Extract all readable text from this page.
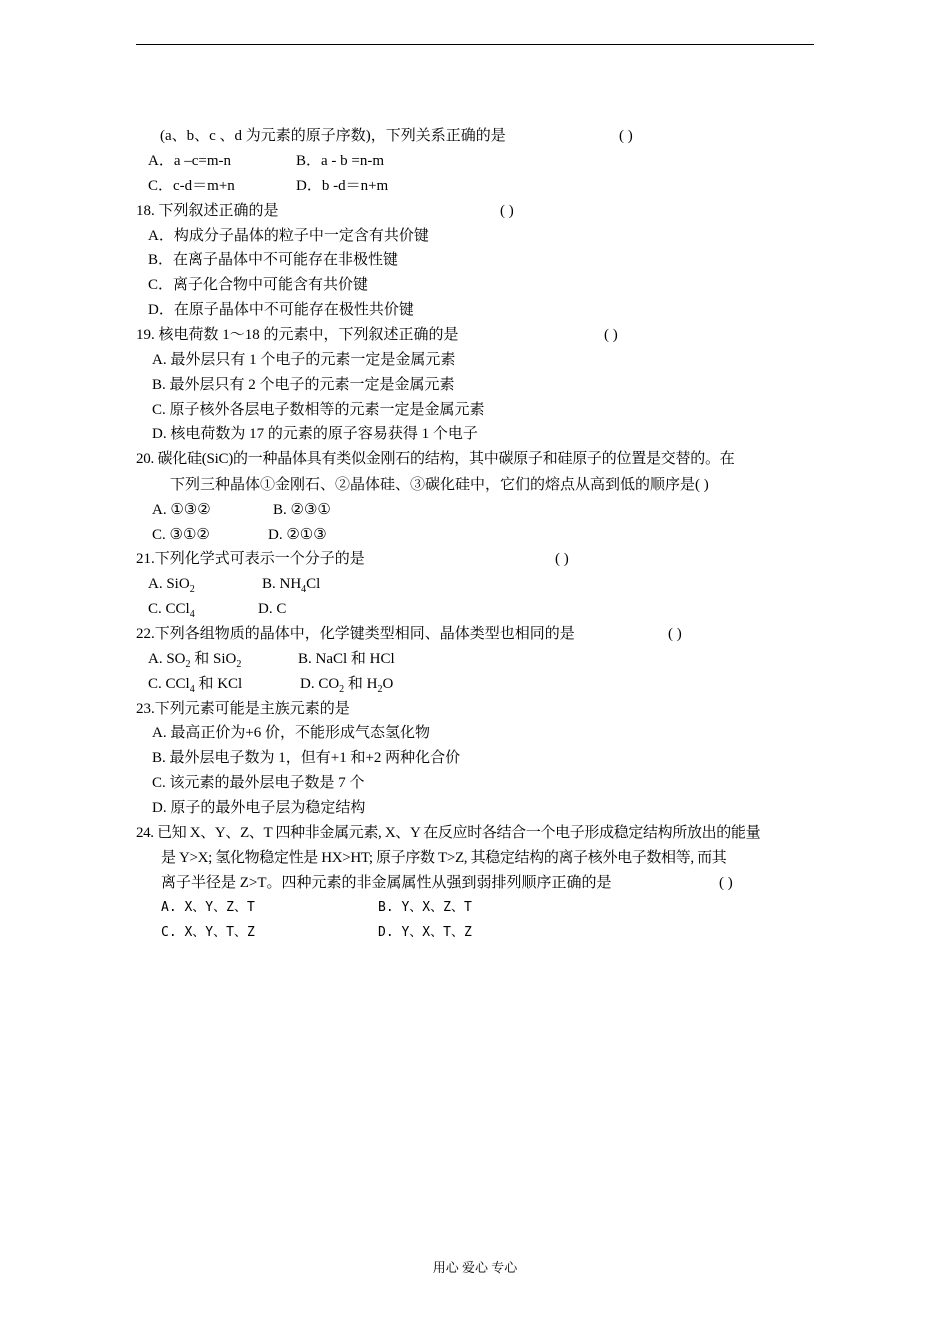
(a、b、c 、d 为元素的原子序数)，下列关系正确的是	( )
A．a –c=m-n	B．a - b =n-m
C．c-d＝m+n	D．b -d＝n+m
18. 下列叙述正确的是	( )
A．构成分子晶体的粒子中一定含有共价键
B．在离子晶体中不可能存在非极性键
C．离子化合物中可能含有共价键
D．在原子晶体中不可能存在极性共价键
19. 核电荷数 1～18 的元素中，下列叙述正确的是	( )
A. 最外层只有 1 个电子的元素一定是金属元素
B. 最外层只有 2 个电子的元素一定是金属元素
C. 原子核外各层电子数相等的元素一定是金属元素
D. 核电荷数为 17 的元素的原子容易获得 1 个电子
20. 碳化硅(SiC)的一种晶体具有类似金刚石的结构，其中碳原子和硅原子的位置是交替的。在
下列三种晶体①金刚石、②晶体硅、③碳化硅中，它们的熔点从高到低的顺序是( )
A. ①③②	B. ②③①
C. ③①②	D. ②①③
21.下列化学式可表示一个分子的是	( )
A. SiO$_2$	B. $NH_4Cl$
C. CCl$_4$	D. C
22.下列各组物质的晶体中，化学键类型相同、晶体类型也相同的是	( )
A. $SO_2$ 和 SiO$_2$	B. NaCl 和 HCl
C. CCl$_4$ 和 KCl	D. $CO_2$ 和 $H_2O$
23.下列元素可能是主族元素的是
A. 最高正价为+6 价，不能形成气态氢化物
B. 最外层电子数为 1，但有+1 和+2 两种化合价
C. 该元素的最外层电子数是 7 个
D. 原子的最外电子层为稳定结构
24. 已知 X、Y、Z、T 四种非金属元素, X、Y 在反应时各结合一个电子形成稳定结构所放出的能量
是 Y>X; 氢化物稳定性是 HX>HT; 原子序数 T>Z, 其稳定结构的离子核外电子数相等, 而其
离子半径是 Z>T。四种元素的非金属属性从强到弱排列顺序正确的是	( )
A. X、Y、Z、T	B. Y、X、Z、T
C. X、Y、T、Z	D. Y、X、T、Z
用心 爱心 专心
